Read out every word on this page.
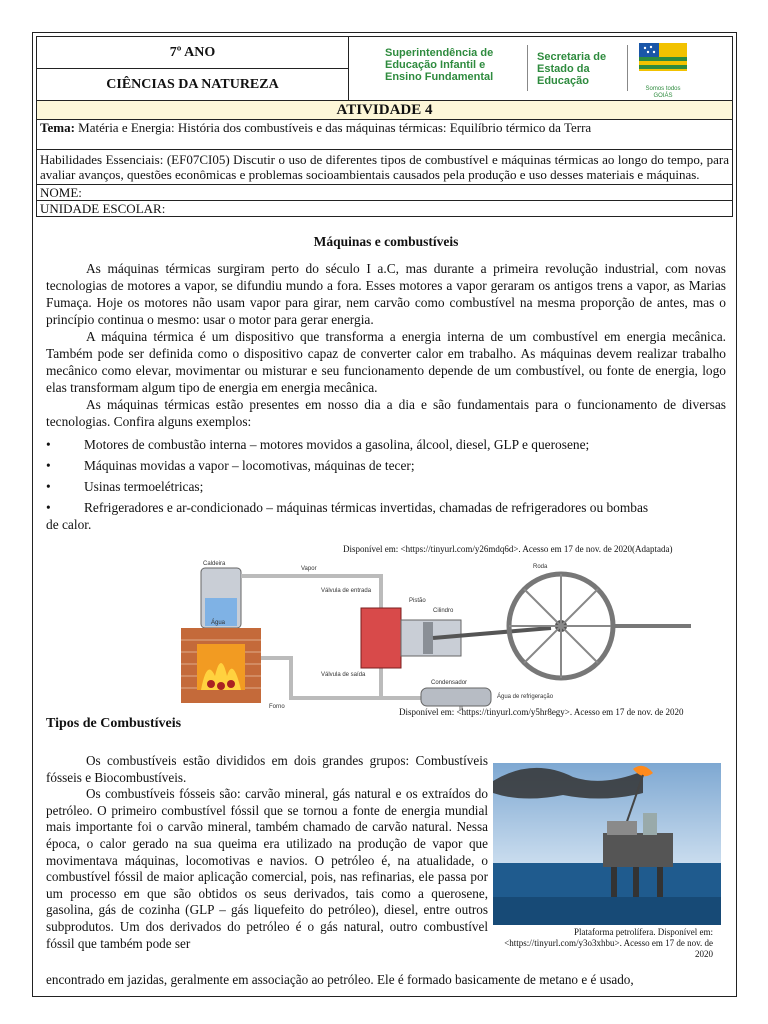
7º ANO
CIÊNCIAS DA NATUREZA
Superintendência de
Educação Infantil e
Ensino Fundamental
Secretaria de
Estado da
Educação
Somos todos GOIÁS
ATIVIDADE 4
Tema: Matéria e Energia: História dos combustíveis e das máquinas térmicas: Equilíbrio térmico da Terra
Habilidades Essenciais: (EF07CI05) Discutir o uso de diferentes tipos de combustível e máquinas térmicas ao longo do tempo, para avaliar avanços, questões econômicas e problemas socioambientais causados pela produção e uso desses materiais e máquinas.
NOME:
UNIDADE ESCOLAR:

Máquinas e combustíveis

As máquinas térmicas surgiram perto do século I a.C, mas durante a primeira revolução industrial, com novas tecnologias de motores a vapor, se difundiu mundo a fora. Esses motores a vapor geraram os antigos trens a vapor, as Marias Fumaça. Hoje os motores não usam vapor para girar, nem carvão como combustível na mesma proporção de antes, mas o princípio continua o mesmo: usar o motor para gerar energia.

A máquina térmica é um dispositivo que transforma a energia interna de um combustível em energia mecânica. Também pode ser definida como o dispositivo capaz de converter calor em trabalho. As máquinas devem realizar trabalho mecânico como elevar, movimentar ou misturar e seu funcionamento depende de um combustível, ou fonte de energia, logo elas transformam algum tipo de energia em energia mecânica.

As máquinas térmicas estão presentes em nosso dia a dia e são fundamentais para o funcionamento de diversas tecnologias. Confira alguns exemplos:

• Motores de combustão interna – motores movidos a gasolina, álcool, diesel, GLP e querosene;
• Máquinas movidas a vapor – locomotivas, máquinas de tecer;
• Usinas termoelétricas;
• Refrigeradores e ar-condicionado – máquinas térmicas invertidas, chamadas de refrigeradores ou bombas

de calor.

Disponível em: <https://tinyurl.com/y26mdq6d>. Acesso em 17 de nov. de 2020(Adaptada)
Caldeira
Vapor
Válvula de entrada
Pistão
Cilindro
Roda
Água
Válvula de saída
Condensador
Água de refrigeração
Forno	Disponível em: <https://tinyurl.com/y5hr8egy>. Acesso em 17 de nov. de 2020
Tipos de Combustíveis

Os combustíveis estão divididos em dois grandes grupos: Combustíveis fósseis e Biocombustíveis.

Os combustíveis fósseis são: carvão mineral, gás natural e os extraídos do petróleo. O primeiro combustível fóssil que se tornou a fonte de energia mundial mais importante foi o carvão mineral, também chamado de carvão natural. Nessa época, o calor gerado na sua queima era utilizado na produção de vapor que movimentava máquinas, locomotivas e navios. O petróleo é, na atualidade, o combustível fóssil de maior aplicação comercial, pois, nas refinarias, ele passa por um processo em que são obtidos os seus derivados, tais como a querosene, gasolina, gás de cozinha (GLP – gás liquefeito do petróleo), diesel, entre outros subprodutos. Um dos derivados do petróleo é o gás natural, outro combustível fóssil que também pode ser

encontrado em jazidas, geralmente em associação ao petróleo. Ele é formado basicamente de metano e é usado,
Plataforma petrolífera. Disponível em: <https://tinyurl.com/y3o3xhbu>. Acesso em 17 de nov. de 2020
